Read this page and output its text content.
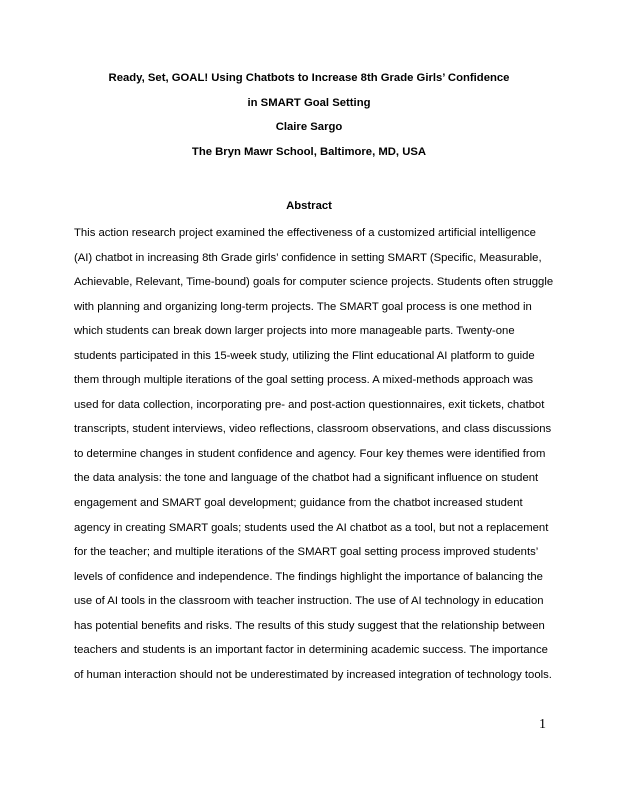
Ready, Set, GOAL! Using Chatbots to Increase 8th Grade Girls’ Confidence
in SMART Goal Setting
Claire Sargo
The Bryn Mawr School, Baltimore, MD, USA
Abstract
This action research project examined the effectiveness of a customized artificial intelligence
(AI) chatbot in increasing 8th Grade girls’ confidence in setting SMART (Specific, Measurable,
Achievable, Relevant, Time-bound) goals for computer science projects. Students often struggle
with planning and organizing long-term projects. The SMART goal process is one method in
which students can break down larger projects into more manageable parts. Twenty-one
students participated in this 15-week study, utilizing the Flint educational AI platform to guide
them through multiple iterations of the goal setting process. A mixed-methods approach was
used for data collection, incorporating pre- and post-action questionnaires, exit tickets, chatbot
transcripts, student interviews, video reflections, classroom observations, and class discussions
to determine changes in student confidence and agency. Four key themes were identified from
the data analysis: the tone and language of the chatbot had a significant influence on student
engagement and SMART goal development; guidance from the chatbot increased student
agency in creating SMART goals; students used the AI chatbot as a tool, but not a replacement
for the teacher; and multiple iterations of the SMART goal setting process improved students’
levels of confidence and independence. The findings highlight the importance of balancing the
use of AI tools in the classroom with teacher instruction. The use of AI technology in education
has potential benefits and risks. The results of this study suggest that the relationship between
teachers and students is an important factor in determining academic success. The importance
of human interaction should not be underestimated by increased integration of technology tools.
1
